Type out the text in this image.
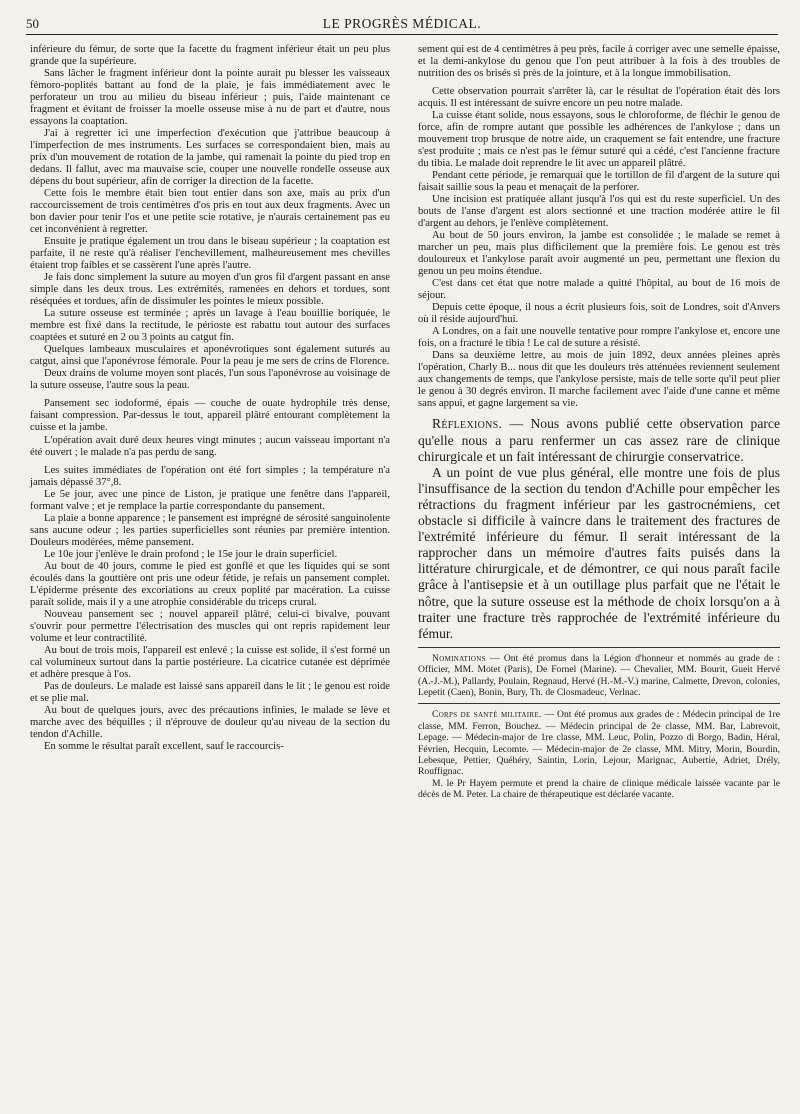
50	LE PROGRÈS MÉDICAL.

inférieure du fémur, de sorte que la facette du fragment inférieur était un peu plus grande que la supérieure.

Sans lâcher le fragment inférieur dont la pointe aurait pu blesser les vaisseaux fémoro-poplités battant au fond de la plaie, je fais immédiatement avec le perforateur un trou au milieu du biseau inférieur ; puis, l'aide maintenant ce fragment et évitant de froisser la moelle osseuse mise à nu de part et d'autre, nous essayons la coaptation.

J'ai à regretter ici une imperfection d'exécution que j'attribue beaucoup à l'imperfection de mes instruments. Les surfaces se correspondaient bien, mais au prix d'un mouvement de rotation de la jambe, qui ramenait la pointe du pied trop en dedans. Il fallut, avec ma mauvaise scie, couper une nouvelle rondelle osseuse aux dépens du bout supérieur, afin de corriger la direction de la facette.

Cette fois le membre était bien tout entier dans son axe, mais au prix d'un raccourcissement de trois centimètres d'os pris en tout aux deux fragments. Avec un bon davier pour tenir l'os et une petite scie rotative, je n'aurais certainement pas eu cet inconvénient à regretter.

Ensuite je pratique également un trou dans le biseau supérieur ; la coaptation est parfaite, il ne reste qu'à réaliser l'enchevillement, malheureusement mes chevilles étaient trop faibles et se cassèrent l'une après l'autre.

Je fais donc simplement la suture au moyen d'un gros fil d'argent passant en anse simple dans les deux trous. Les extrémités, ramenées en dehors et tordues, sont réséquées et tordues, afin de dissimuler les pointes le mieux possible.

La suture osseuse est terminée ; après un lavage à l'eau bouillie boriquée, le membre est fixé dans la rectitude, le périoste est rabattu tout autour des surfaces coaptées et suturé en 2 ou 3 points au catgut fin.

Quelques lambeaux musculaires et aponévrotiques sont également suturés au catgut, ainsi que l'aponévrose fémorale. Pour la peau je me sers de crins de Florence.

Deux drains de volume moyen sont placés, l'un sous l'aponévrose au voisinage de la suture osseuse, l'autre sous la peau.

Pansement sec iodoformé, épais — couche de ouate hydrophile très dense, faisant compression. Par-dessus le tout, appareil plâtré entourant complètement la cuisse et la jambe.

L'opération avait duré deux heures vingt minutes ; aucun vaisseau important n'a été ouvert ; le malade n'a pas perdu de sang.

Les suites immédiates de l'opération ont été fort simples ; la température n'a jamais dépassé 37°,8.

Le 5e jour, avec une pince de Liston, je pratique une fenêtre dans l'appareil, formant valve ; et je remplace la partie correspondante du pansement.

La plaie a bonne apparence ; le pansement est imprégné de sérosité sanguinolente sans aucune odeur ; les parties superficielles sont réunies par première intention. Douleurs modérées, même pansement.

Le 10e jour j'enlève le drain profond ; le 15e jour le drain superficiel.

Au bout de 40 jours, comme le pied est gonflé et que les liquides qui se sont écoulés dans la gouttière ont pris une odeur fétide, je refais un pansement complet. L'épiderme présente des excoriations au creux poplité par macération. La cuisse paraît solide, mais il y a une atrophie considérable du triceps crural.

Nouveau pansement sec ; nouvel appareil plâtré, celui-ci bivalve, pouvant s'ouvrir pour permettre l'électrisation des muscles qui ont repris rapidement leur volume et leur contractilité.

Au bout de trois mois, l'appareil est enlevé ; la cuisse est solide, il s'est formé un cal volumineux surtout dans la partie postérieure. La cicatrice cutanée est déprimée et adhère presque à l'os.

Pas de douleurs. Le malade est laissé sans appareil dans le lit ; le genou est roide et se plie mal.

Au bout de quelques jours, avec des précautions infinies, le malade se lève et marche avec des béquilles ; il n'éprouve de douleur qu'au niveau de la section du tendon d'Achille.

En somme le résultat paraît excellent, sauf le raccourcis-

sement qui est de 4 centimètres à peu près, facile à corriger avec une semelle épaisse, et la demi-ankylose du genou que l'on peut attribuer à la fois à des troubles de nutrition des os brisés si près de la jointure, et à la longue immobilisation.

Cette observation pourrait s'arrêter là, car le résultat de l'opération était dès lors acquis. Il est intéressant de suivre encore un peu notre malade.

La cuisse étant solide, nous essayons, sous le chloroforme, de fléchir le genou de force, afin de rompre autant que possible les adhérences de l'ankylose ; dans un mouvement trop brusque de notre aide, un craquement se fait entendre, une fracture s'est produite ; mais ce n'est pas le fémur suturé qui a cédé, c'est l'ancienne fracture du tibia. Le malade doit reprendre le lit avec un appareil plâtré.

Pendant cette période, je remarquai que le tortillon de fil d'argent de la suture qui faisait saillie sous la peau et menaçait de la perforer.

Une incision est pratiquée allant jusqu'à l'os qui est du reste superficiel. Un des bouts de l'anse d'argent est alors sectionné et une traction modérée attire le fil d'argent au dehors, je l'enlève complètement.

Au bout de 50 jours environ, la jambe est consolidée ; le malade se remet à marcher un peu, mais plus difficilement que la première fois. Le genou est très douloureux et l'ankylose paraît avoir augmenté un peu, permettant une flexion du genou un peu moins étendue.

C'est dans cet état que notre malade a quitté l'hôpital, au bout de 16 mois de séjour.

Depuis cette époque, il nous a écrit plusieurs fois, soit de Londres, soit d'Anvers où il réside aujourd'hui.

A Londres, on a fait une nouvelle tentative pour rompre l'ankylose et, encore une fois, on a fracturé le tibia ! Le cal de suture a résisté.

Dans sa deuxième lettre, au mois de juin 1892, deux années pleines après l'opération, Charly B... nous dit que les douleurs très atténuées reviennent seulement aux changements de temps, que l'ankylose persiste, mais de telle sorte qu'il peut plier le genou à 30 degrés environ. Il marche facilement avec l'aide d'une canne et même sans appui, et gagne largement sa vie.

Réflexions. — Nous avons publié cette observation parce qu'elle nous a paru renfermer un cas assez rare de clinique chirurgicale et un fait intéressant de chirurgie conservatrice.

A un point de vue plus général, elle montre une fois de plus l'insuffisance de la section du tendon d'Achille pour empêcher les rétractions du fragment inférieur par les gastrocnémiens, cet obstacle si difficile à vaincre dans le traitement des fractures de l'extrémité inférieure du fémur. Il serait intéressant de la rapprocher dans un mémoire d'autres faits puisés dans la littérature chirurgicale, et de démontrer, ce qui nous paraît facile grâce à l'antisepsie et à un outillage plus parfait que ne l'était le nôtre, que la suture osseuse est la méthode de choix lorsqu'on a à traiter une fracture très rapprochée de l'extrémité inférieure du fémur.

Nominations — Ont été promus dans la Légion d'honneur et nommés au grade de : Officier, MM. Motet (Paris), De Fornel (Marine). — Chevalier, MM. Bourit, Gueit Hervé (A.-J.-M.), Pallardy, Poulain, Regnaud, Hervé (H.-M.-V.) marine, Calmette, Drevon, colonies, Lepetit (Caen), Bonin, Bury, Th. de Closmadeuc, Verlnac.

Corps de santé militaire. — Ont été promus aux grades de : Médecin principal de 1re classe, MM. Ferron, Bouchez. — Médecin principal de 2e classe, MM. Bar, Labrevoit, Lepage. — Médecin-major de 1re classe, MM. Leuc, Polin, Pozzo di Borgo, Badin, Héral, Févrien, Hecquin, Lecomte. — Médecin-major de 2e classe, MM. Mitry, Morin, Bourdin, Lebesque, Pettier, Quéhéry, Saintin, Lorin, Lejour, Marignac, Aubertie, Adriet, Drély, Rouffignac.

M. le Pr Hayem permute et prend la chaire de clinique médicale laissée vacante par le décès de M. Peter. La chaire de thérapeutique est déclarée vacante.
